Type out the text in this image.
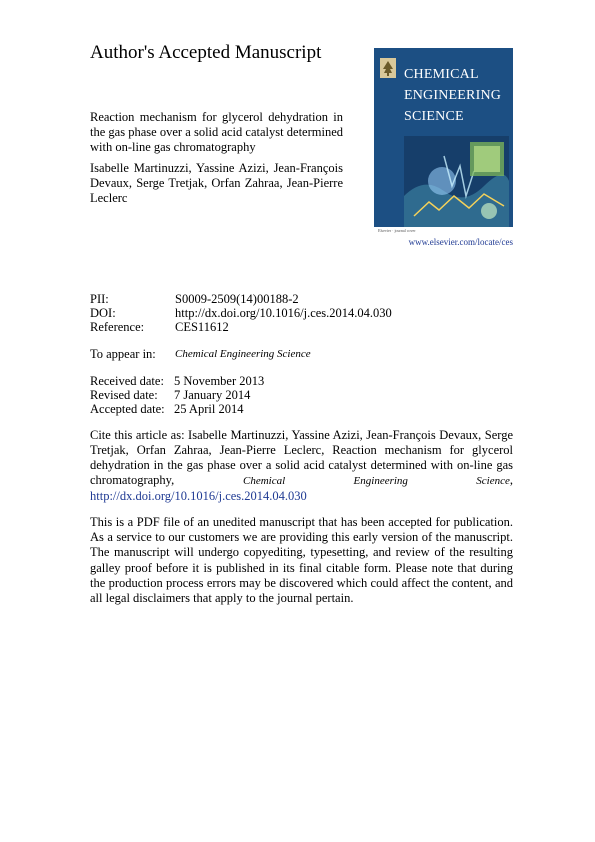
Author's Accepted Manuscript
Reaction mechanism for glycerol dehydration in the gas phase over a solid acid catalyst determined with on-line gas chromatography
Isabelle Martinuzzi, Yassine Azizi, Jean-François Devaux, Serge Tretjak, Orfan Zahraa, Jean-Pierre Leclerc
CHEMICAL
ENGINEERING
SCIENCE
Elsevier · journal cover
www.elsevier.com/locate/ces
PII:	S0009-2509(14)00188-2
DOI:	http://dx.doi.org/10.1016/j.ces.2014.04.030
Reference: CES11612
To appear in: Chemical Engineering Science
Received date: 5 November 2013
Revised date: 7 January 2014
Accepted date: 25 April 2014
Cite this article as: Isabelle Martinuzzi, Yassine Azizi, Jean-François Devaux, Serge Tretjak, Orfan Zahraa, Jean-Pierre Leclerc, Reaction mechanism for glycerol dehydration in the gas phase over a solid acid catalyst determined with on-line gas chromatography,	Chemical Engineering Science, http://dx.doi.org/10.1016/j.ces.2014.04.030
This is a PDF file of an unedited manuscript that has been accepted for publication. As a service to our customers we are providing this early version of the manuscript. The manuscript will undergo copyediting, typesetting, and review of the resulting galley proof before it is published in its final citable form. Please note that during the production process errors may be discovered which could affect the content, and all legal disclaimers that apply to the journal pertain.
